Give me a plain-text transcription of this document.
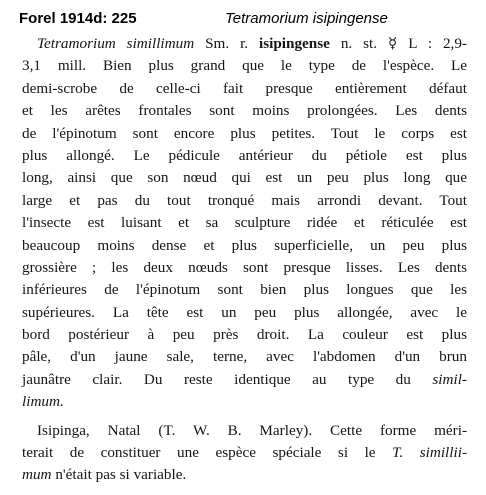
Forel 1914d: 225	Tetramorium isipingense
Tetramorium simillimum Sm. r. isipingense n. st. ☿ L : 2,9-
3,1 mill. Bien plus grand que le type de l'espèce. Le
demi-scrobe de celle-ci fait presque entièrement défaut
et les arêtes frontales sont moins prolongées. Les dents
de l'épinotum sont encore plus petites. Tout le corps est
plus allongé. Le pédicule antérieur du pétiole est plus
long, ainsi que son nœud qui est un peu plus long que
large et pas du tout tronqué mais arrondi devant. Tout
l'insecte est luisant et sa sculpture ridée et réticulée est
beaucoup moins dense et plus superficielle, un peu plus
grossière ; les deux nœuds sont presque lisses. Les dents
inférieures de l'épinotum sont bien plus longues que les
supérieures. La tête est un peu plus allongée, avec le
bord postérieur à peu près droit. La couleur est plus
pâle, d'un jaune sale, terne, avec l'abdomen d'un brun
jaunâtre clair. Du reste identique au type du simil-
limum.
Isipinga, Natal (T. W. B. Marley). Cette forme méri-
terait de constituer une espèce spéciale si le T. simillii-
mum n'était pas si variable.
